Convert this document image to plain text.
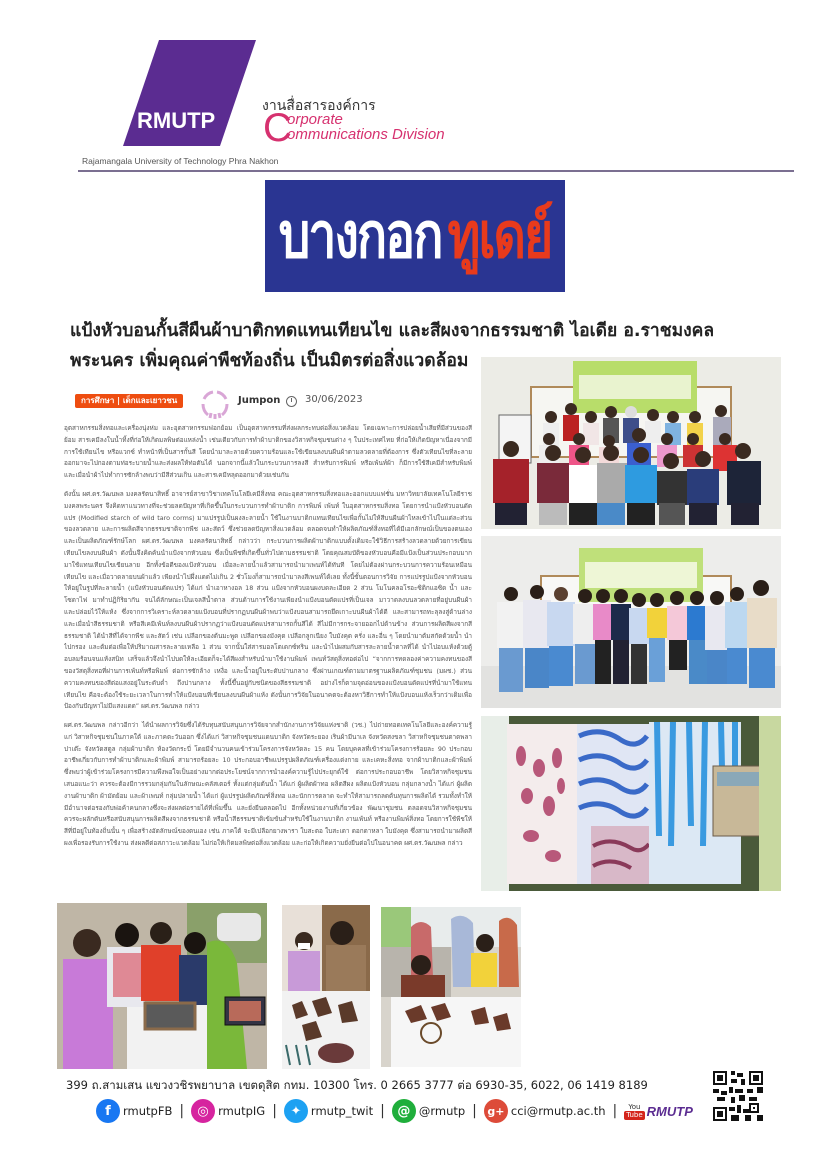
RMUTP
Rajamangala University of Technology Phra Nakhon
งานสื่อสารองค์การ
C
orporate
ommunications Division
บางกอก ทูเดย์
แป้งหัวบอนกั้นสีผืนผ้าบาติกทดแทนเทียนไข และสีผงจากธรรมชาติ ไอเดีย อ.ราชมงคลพระนคร เพิ่มคุณค่าพืชท้องถิ่น เป็นมิตรต่อสิ่งแวดล้อม
การศึกษา | เด็กและเยาวชน	Jumpon 30/06/2023

อุตสาหกรรมสิ่งทอและเครื่องนุ่งห่ม และอุตสาหกรรมฟอกย้อม เป็นอุตสาหกรรมที่ส่งผลกระทบต่อสิ่งแวดล้อม โดยเฉพาะการปล่อยน้ำเสียที่มีส่วนของสีย้อม สารเคมีลงในน้ำทิ้งที่ก่อให้เกิดมลพิษต่อแหล่งน้ำ เช่นเดียวกับการทำผ้าบาติกของวิสาหกิจชุมชนต่าง ๆ ในประเทศไทย ที่ก่อให้เกิดปัญหาเนื่องจากมีการใช้เทียนไข หรือแวกซ์ ทำหน้าที่เป็นสารกั้นสี โดยนำมาละลายด้วยความร้อนและใช้เขียนลงบนผืนผ้าตามลวดลายที่ต้องการ ซึ่งตัวเทียนไขที่ละลายออกมาจะไปกองตามท่อระบายน้ำและส่งผลให้ท่อตันได้ นอกจากนี้แล้วในกระบวนการลงสี สำหรับการพิมพ์ หรือเพ้นท์ผ้า ก็มีการใช้สีเคมีสำหรับพิมพ์ และเมื่อนำผ้าไปทำการซักล้างพบว่ามีสีส่วนเกิน และสารเคมีหลุดออกมาด้วยเช่นกัน

ดังนั้น ผศ.ดร.วัฒนพล มงคลรัตนาสิทธิ์ อาจารย์สาขาวิชาเทคโนโลยีเคมีสิ่งทอ คณะอุตสาหกรรมสิ่งทอและออกแบบแฟชั่น มหาวิทยาลัยเทคโนโลยีราชมงคลพระนคร จึงคิดหาแนวทางที่จะช่วยลดปัญหาที่เกิดขึ้นในกระบวนการทำผ้าบาติก การพิมพ์ เพ้นท์ ในอุตสาหกรรมสิ่งทอ โดยการนำแป้งหัวบอนดัดแปร (Modified starch of wild taro corms) มาแปรรูปเป็นผงละลายน้ำ ใช้ในงานบาติกแทนเทียนไขเพื่อกั้นไม่ให้สีบนผืนผ้าไหลเข้าไปในแต่ละส่วนของลวดลาย และการผลิตสีจากธรรมชาติจากพืช และสัตว์ ซึ่งช่วยลดปัญหาสิ่งแวดล้อม ตลอดจนทำให้ผลิตภัณฑ์สิ่งทอที่ได้มีเอกลักษณ์เป็นของตนเอง และเป็นผลิตภัณฑ์รักษ์โลก ผศ.ดร.วัฒนพล มงคลรัตนาสิทธิ์ กล่าวว่า กระบวนการผลิตผ้าบาติกแบบดั้งเดิมจะใช้วิธีการสร้างลวดลายด้วยการเขียนเทียนไขลงบนผืนผ้า ดังนั้นจึงคิดค้นนำแป้งจากหัวบอน ซึ่งเป็นพืชที่เกิดขึ้นทั่วไปตามธรรมชาติ โดยคุณสมบัติของหัวบอนคือมีแป้งเป็นส่วนประกอบมาก มาใช้แทนเทียนไขเขียนลาย อีกทั้งข้อดีของแป้งหัวบอน เมื่อละลายน้ำแล้วสามารถนำมาเพนท์ได้ทันที โดยไม่ต้องผ่านกระบวนการความร้อนเหมือนเทียนไข และเมื่อวาดลายบนผ้าแล้ว เพียงนำไปผึ่งแดดไม่เกิน 2 ชั่วโมงก็สามารถนำมาลงสีเพนท์ได้เลย ทั้งนี้ขั้นตอนการวิจัย การแปรรูปแป้งจากหัวบอนให้อยู่ในรูปที่ละลายน้ำ (แป้งหัวบอนดัดแปร) ได้แก่ นำเอาหางอล 18 ส่วน แป้งจากหัวบอนผงบดละเอียด 2 ส่วน โมโนคลอโรอะซิติกแอซิด น้ำ และโซดาไฟ มาทำปฏิกิริยากัน จนได้ลักษณะเป็นเจลสีน้ำตาล ส่วนด้านการใช้งานเพียงนำแป้งบอนดัดแปรที่เป็นเจล มาวาดลงบนลวดลายที่อยู่บนผืนผ้า และปล่อยไว้ให้แห้ง ซึ่งจากการวิเคราะห์ลวดลายแป้งบอนที่ปรากฏบนผืนผ้าพบว่าแป้งบอนสามารถยึดเกาะบนผืนผ้าได้ดี และสามารถทะลุลงสู่ด้านล่าง และเมื่อนำสีธรรมชาติ หรือสีเคมีเพ้นท์ลงบนผืนผ้าปรากฏว่าแป้งบอนดัดแปรสามารถกั้นสีได้ สีไม่มีการกระจายออกไปด้านข้าง ส่วนการผลิตสีผงจากสีธรรมชาติ ได้นำสีที่ได้จากพืช และสัตว์ เช่น เปลือกของต้นมะพูด เปลือกของมังคุด เปลือกลูกเนียง ใบมังคุด ครั่ง และอื่น ๆ โดยนำมาต้มสกัดด้วยน้ำ นำไปกรอง และต้มต่อเพื่อให้ปริมาณสารละลายเหลือ 1 ส่วน จากนั้นใส่สารมอลโตเดกซ์ทริน และนำไปผสมกับสารละลายน้ำตาลที่ได้ นำไปอบแห้งด้วยตู้อบลมร้อนจนแห้งสนิท เสร็จแล้วจึงนำไปบดให้ละเอียดก็จะได้สีผงสำหรับนำมาใช้งานพิมพ์ เพนท์วัสดุสิ่งทอต่อไป “จากการทดลองค่าความคงทนของสีของวัสดุสิ่งทอที่ผ่านการเพ้นท์หรือพิมพ์ ต่อการซักล้าง เหงื่อ และน้ำอยู่ในระดับปานกลาง ซึ่งผ่านเกณฑ์ตามมาตรฐานผลิตภัณฑ์ชุมชน (มผช.) ส่วนความคงทนของสีต่อแสงอยู่ในระดับต่ำ ถึงปานกลาง ทั้งนี้ขึ้นอยู่กับชนิดของสีธรรมชาติ อย่างไรก็ตามจุดอ่อนของแป้งบอนดัดแปรที่นำมาใช้แทนเทียนไข คือจะต้องใช้ระยะเวลาในการทำให้แป้งบอนที่เขียนลงบนผืนผ้าแห้ง ดังนั้นการวิจัยในอนาคตจะต้องหาวิธีการทำให้แป้งบอนแห้งเร็วกว่าเดิมเพื่อป้องกันปัญหาไม่มีแสงแดด” ผศ.ดร.วัฒนพล กล่าว

ผศ.ดร.วัฒนพล กล่าวอีกว่า ได้นำผลการวิจัยซึ่งได้รับทุนสนับสนุนการวิจัยจากสำนักงานการวิจัยแห่งชาติ (วช.) ไปถ่ายทอดเทคโนโลยีและองค์ความรู้แก่ วิสาหกิจชุมชนในภาคใต้ และภาคตะวันออก ซึ่งได้แก่ วิสาหกิจชุมชนแดนบาติก จังหวัดระยอง เรินผ้ามีนาเล จังหวัดสงขลา วิสาหกิจชุมชนตาดพลาปาเต๊ะ จังหวัดสตูล กลุ่มผ้าบาติก ห้องวัดกระบี่ โดยมีจำนวนคนเข้าร่วมโครงการจังหวัดละ 15 คน โดยบุคคลที่เข้าร่วมโครงการร้อยละ 90 ประกอบอาชีพเกี่ยวกับการทำผ้าบาติกและผ้าพิมพ์ สามารถร้อยละ 10 ประกอบอาชีพแปรรูปผลิตภัณฑ์เครื่องแต่งกาย และเคหะสิ่งทอ จากผ้าบาติกและผ้าพิมพ์ ซึ่งพบว่าผู้เข้าร่วมโครงการมีความพึงพอใจเป็นอย่างมากต่อประโยชน์จากการนำองค์ความรู้ไปประยุกต์ใช้ ต่อการประกอบอาชีพ โดยวิสาหกิจชุมชนเสนอแนะว่า ควรจะต้องมีการรวมกลุ่มกันในลักษณะคลัสเตอร์ ทั้งแต่กลุ่มต้นน้ำ ได้แก่ ผู้ผลิตผ้าทอ ผลิตสีผง ผลิตแป้งหัวบอน กลุ่มกลางน้ำ ได้แก่ ผู้ผลิตงานผ้าบาติก ผ้ามัดย้อม และผ้าเพนท์ กลุ่มปลายน้ำ ได้แก่ ผู้แปรรูปผลิตภัณฑ์สิ่งทอ และนักการตลาด จะทำให้สามารถลดต้นทุนการผลิตได้ รวมทั้งทำให้มีอำนาจต่อรองกับพ่อค้าคนกลางซึ่งจะส่งผลต่อรายได้ที่เพิ่มขึ้น และยั่งยืนตลอดไป อีกทั้งหน่วยงานที่เกี่ยวข้อง พัฒนาชุมชน ตลอดจนวิสาหกิจชุมชน ควรจะผลักดันหรือสนับสนุนการผลิตสีผงจากธรรมชาติ หรือน้ำสีธรรมชาติเข้มข้นสำหรับใช้ในงานบาติก งานเพ้นท์ หรืองานพิมพ์สิ่งทอ โดยการใช้พืชให้สีที่มีอยู่ในท้องถิ่นนั้น ๆ เพื่อสร้างอัตลักษณ์ของตนเอง เช่น ภาคใต้ จะมีเปลือกยางพารา ใบสะตอ ใบสะเดา ดอกดาหลา ใบมังคุด ซึ่งสามารถนำมาผลิตสีผงเพื่อรองรับการใช้งาน ส่งผลดีต่อสภาวะแวดล้อม ไม่ก่อให้เกิดมลพิษต่อสิ่งแวดล้อม และก่อให้เกิดความยั่งยืนต่อไปในอนาคต ผศ.ดร.วัฒนพล กล่าว

399 ถ.สามเสน แขวงวชิรพยาบาล เขตดุสิต กทม. 10300 โทร. 0 2665 3777 ต่อ 6930-35, 6022, 06 1419 8189
f	rmutpFB |	◎ rmutpIG |	✦ rmutp_twit | @ @rmutp | g+ cci@rmutp.ac.th | You
Tube RMUTP
